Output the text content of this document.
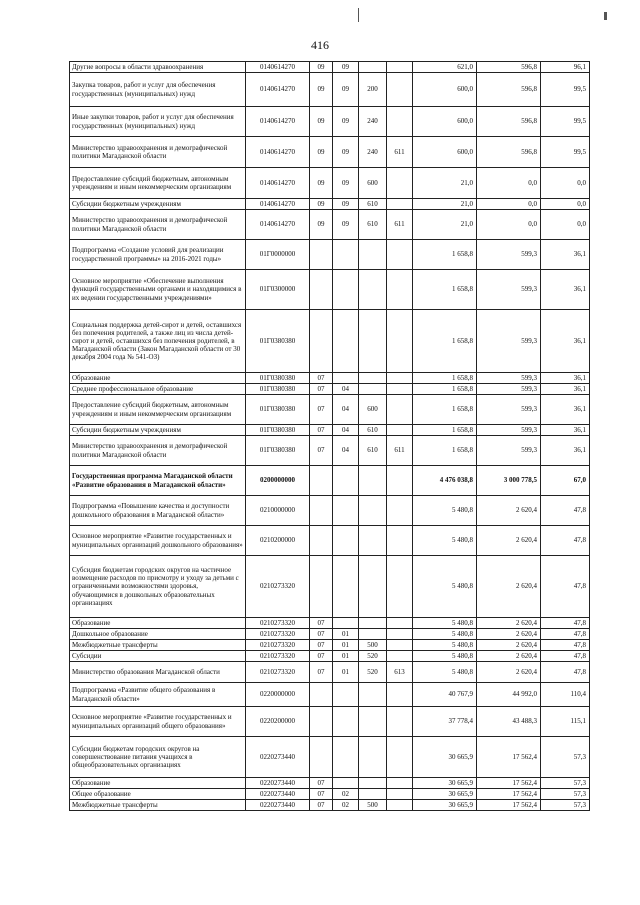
416
Другие вопросы в области здравоохранения	0140614270	09	09			621,0	596,8	96,1
Закупка товаров, работ и услуг для обеспечения государственных (муниципальных) нужд	0140614270	09	09	200		600,0	596,8	99,5
Иные закупки товаров, работ и услуг для обеспечения государственных (муниципальных) нужд	0140614270	09	09	240		600,0	596,8	99,5
Министерство здравоохранения и демографической политики Магаданской области	0140614270	09	09	240	611	600,0	596,8	99,5
Предоставление субсидий бюджетным, автономным учреждениям и иным некоммерческим организациям	0140614270	09	09	600		21,0	0,0	0,0
Субсидии бюджетным учреждениям	0140614270	09	09	610		21,0	0,0	0,0
Министерство здравоохранения и демографической политики Магаданской области	0140614270	09	09	610	611	21,0	0,0	0,0
Подпрограмма «Создание условий для реализации государственной программы» на 2016-2021 годы»	01Г0000000					1 658,8	599,3	36,1
Основное мероприятие «Обеспечение выполнения функций государственными органами и находящимися в их ведении государственными учреждениями»	01Г0300000					1 658,8	599,3	36,1
Социальная поддержка детей-сирот и детей, оставшихся без попечения родителей, а также лиц из числа детей-сирот и детей, оставшихся без попечения родителей, в Магаданской области (Закон Магаданской области от 30 декабря 2004 года № 541-ОЗ)	01Г0380380					1 658,8	599,3	36,1
Образование	01Г0380380	07				1 658,8	599,3	36,1
Среднее профессиональное образование	01Г0380380	07	04			1 658,8	599,3	36,1
Предоставление субсидий бюджетным, автономным учреждениям и иным некоммерческим организациям	01Г0380380	07	04	600		1 658,8	599,3	36,1
Субсидии бюджетным учреждениям	01Г0380380	07	04	610		1 658,8	599,3	36,1
Министерство здравоохранения и демографической политики Магаданской области	01Г0380380	07	04	610	611	1 658,8	599,3	36,1
Государственная программа Магаданской области «Развитие образования в Магаданской области»	0200000000					4 476 038,8	3 000 778,5	67,0
Подпрограмма «Повышение качества и доступности дошкольного образования в Магаданской области»	0210000000					5 480,8	2 620,4	47,8
Основное мероприятие «Развитие государственных и муниципальных организаций дошкольного образования»	0210200000					5 480,8	2 620,4	47,8
Субсидия бюджетам городских округов на частичное возмещение расходов по присмотру и уходу за детьми с ограниченными возможностями здоровья, обучающимися в дошкольных образовательных организациях	0210273320					5 480,8	2 620,4	47,8
Образование	0210273320	07				5 480,8	2 620,4	47,8
Дошкольное образование	0210273320	07	01			5 480,8	2 620,4	47,8
Межбюджетные трансферты	0210273320	07	01	500		5 480,8	2 620,4	47,8
Субсидии	0210273320	07	01	520		5 480,8	2 620,4	47,8
Министерство образования Магаданской области	0210273320	07	01	520	613	5 480,8	2 620,4	47,8
Подпрограмма «Развитие общего образования в Магаданской области»	0220000000					40 767,9	44 992,0	110,4
Основное мероприятие «Развитие государственных и муниципальных организаций общего образования»	0220200000					37 778,4	43 488,3	115,1
Субсидии бюджетам городских округов на совершенствование питания учащихся в общеобразовательных организациях	0220273440					30 665,9	17 562,4	57,3
Образование	0220273440	07				30 665,9	17 562,4	57,3
Общее образование	0220273440	07	02			30 665,9	17 562,4	57,3
Межбюджетные трансферты	0220273440	07	02	500		30 665,9	17 562,4	57,3
